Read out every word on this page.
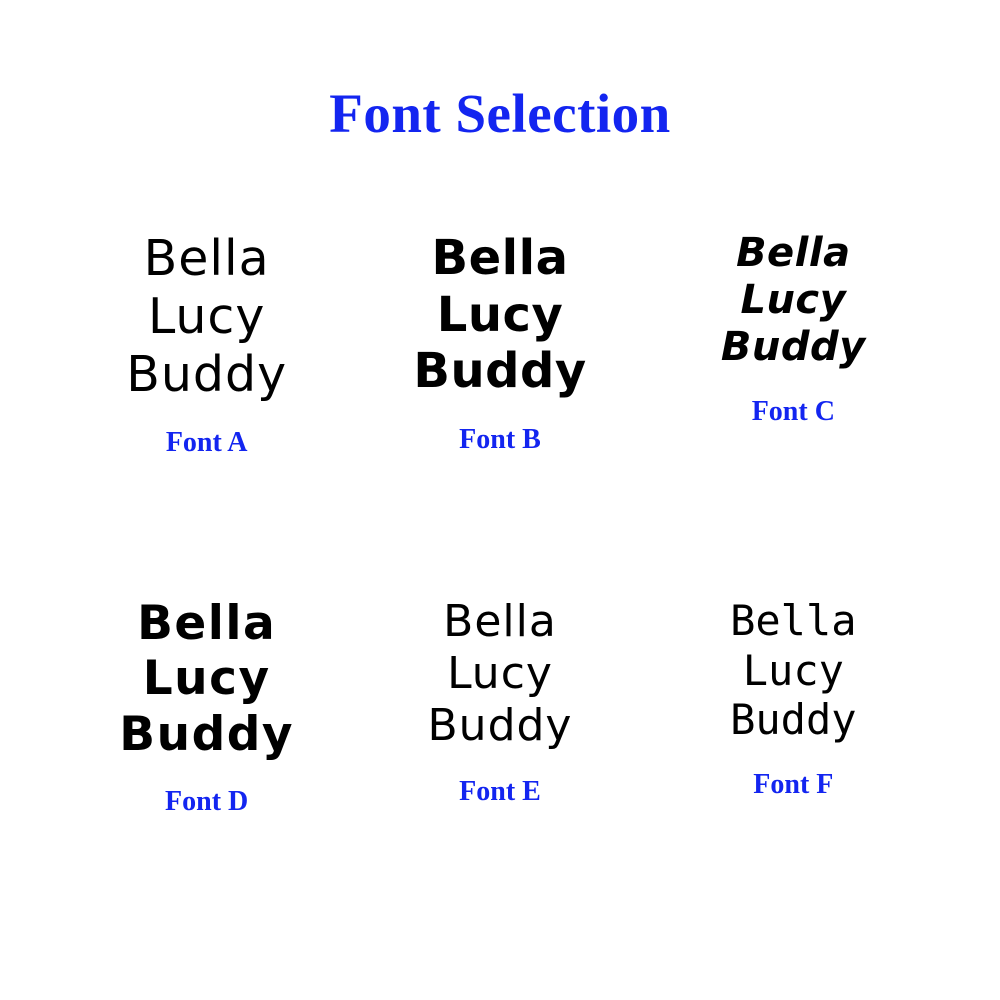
Font Selection
Bella
Lucy
Buddy
Font A
Bella
Lucy
Buddy
Font B
Bella
Lucy
Buddy
Font C
Bella
Lucy
Buddy
Font D
Bella
Lucy
Buddy
Font E
Bella
Lucy
Buddy
Font F
